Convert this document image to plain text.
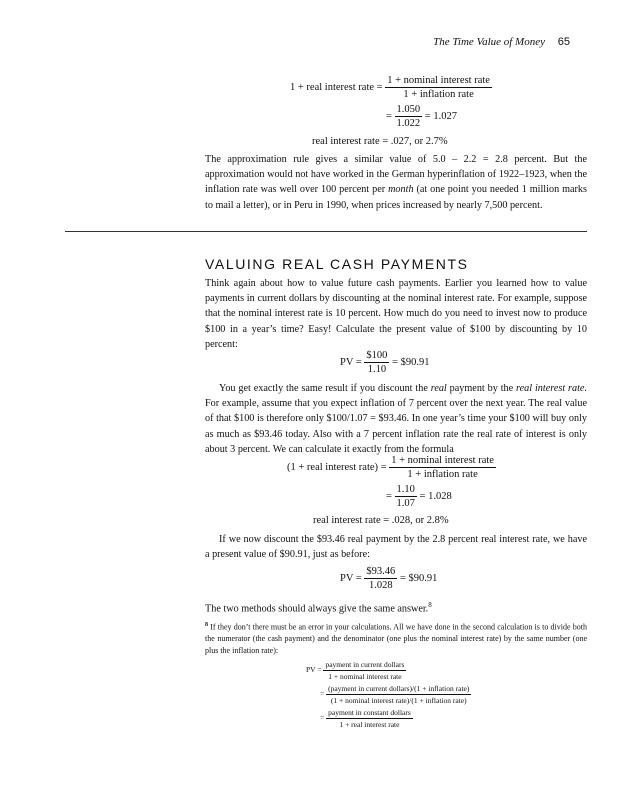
The Time Value of Money 65
1 + real interest rate = $\frac{\text{1 + nominal interest rate}}{\text{1 + inflation rate}}$
= $\frac{1.050}{1.022} = 1.027$
real interest rate = .027, or 2.7%
The approximation rule gives a similar value of 5.0 – 2.2 = 2.8 percent. But the approximation would not have worked in the German hyperinflation of 1922–1923, when the inflation rate was well over 100 percent per month (at one point you needed 1 million marks to mail a letter), or in Peru in 1990, when prices increased by nearly 7,500 percent.
VALUING REAL CASH PAYMENTS
Think again about how to value future cash payments. Earlier you learned how to value payments in current dollars by discounting at the nominal interest rate. For example, suppose that the nominal interest rate is 10 percent. How much do you need to invest now to produce $100 in a year’s time? Easy! Calculate the present value of $100 by discounting by 10 percent:
PV = $\frac{\$100}{1.10}$ = $90.91
You get exactly the same result if you discount the real payment by the real interest rate. For example, assume that you expect inflation of 7 percent over the next year. The real value of that $100 is therefore only $100/1.07 = $93.46. In one year’s time your $100 will buy only as much as $93.46 today. Also with a 7 percent inflation rate the real rate of interest is only about 3 percent. We can calculate it exactly from the formula
(1 + real interest rate) = $\frac{\text{1 + nominal interest rate}}{\text{1 + inflation rate}}$
= $\frac{1.10}{1.07} = 1.028$
real interest rate = .028, or 2.8%
If we now discount the $93.46 real payment by the 2.8 percent real interest rate, we have a present value of $90.91, just as before:
PV = $\frac{\$93.46}{1.028}$ = $90.91
The two methods should always give the same answer.$^8$
$^8$ If they don’t there must be an error in your calculations. All we have done in the second calculation is to divide both the numerator (the cash payment) and the denominator (one plus the nominal interest rate) by the same number (one plus the inflation rate):
PV = $\frac{\text{payment in current dollars}}{\text{1 + nominal interest rate}}$
= $\frac{\text{(payment in current dollars)/(1 + inflation rate)}}{\text{(1 + nominal interest rate)/(1 + inflation rate)}}$
= $\frac{\text{payment in constant dollars}}{\text{1 + real interest rate}}$
